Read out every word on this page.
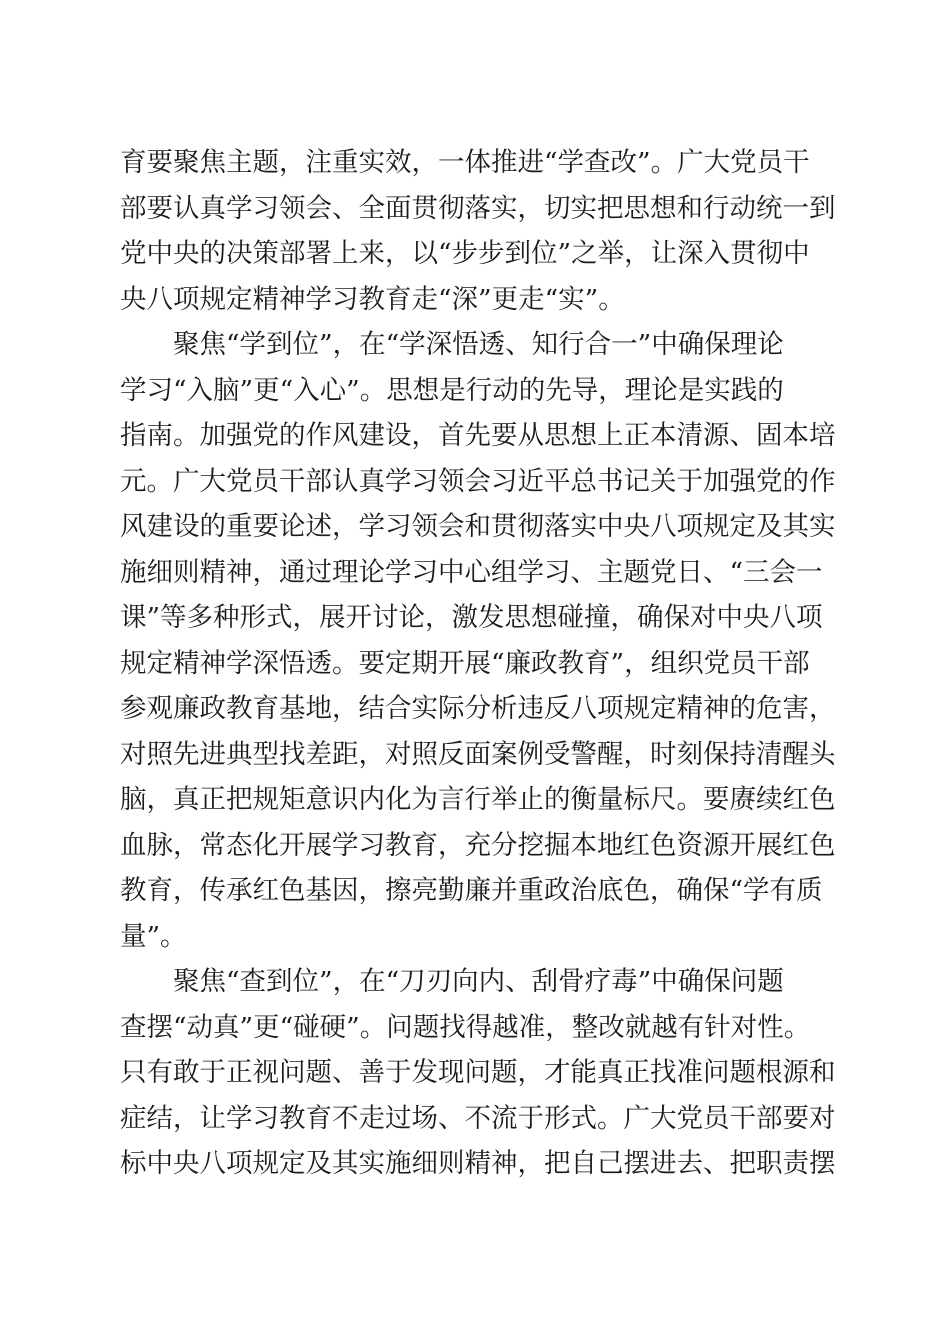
育要聚焦主题，注重实效，一体推进“学查改”。广大党员干
部要认真学习领会、全面贯彻落实，切实把思想和行动统一到
党中央的决策部署上来，以“步步到位”之举，让深入贯彻中
央八项规定精神学习教育走“深”更走“实”。
聚焦“学到位”，在“学深悟透、知行合一”中确保理论
学习“入脑”更“入心”。思想是行动的先导，理论是实践的
指南。加强党的作风建设，首先要从思想上正本清源、固本培
元。广大党员干部认真学习领会习近平总书记关于加强党的作
风建设的重要论述，学习领会和贯彻落实中央八项规定及其实
施细则精神，通过理论学习中心组学习、主题党日、“三会一
课”等多种形式，展开讨论，激发思想碰撞，确保对中央八项
规定精神学深悟透。要定期开展“廉政教育”，组织党员干部
参观廉政教育基地，结合实际分析违反八项规定精神的危害，
对照先进典型找差距，对照反面案例受警醒，时刻保持清醒头
脑，真正把规矩意识内化为言行举止的衡量标尺。要赓续红色
血脉，常态化开展学习教育，充分挖掘本地红色资源开展红色
教育，传承红色基因，擦亮勤廉并重政治底色，确保“学有质
量”。
聚焦“查到位”，在“刀刃向内、刮骨疗毒”中确保问题
查摆“动真”更“碰硬”。问题找得越准，整改就越有针对性。
只有敢于正视问题、善于发现问题，才能真正找准问题根源和
症结，让学习教育不走过场、不流于形式。广大党员干部要对
标中央八项规定及其实施细则精神，把自己摆进去、把职责摆
